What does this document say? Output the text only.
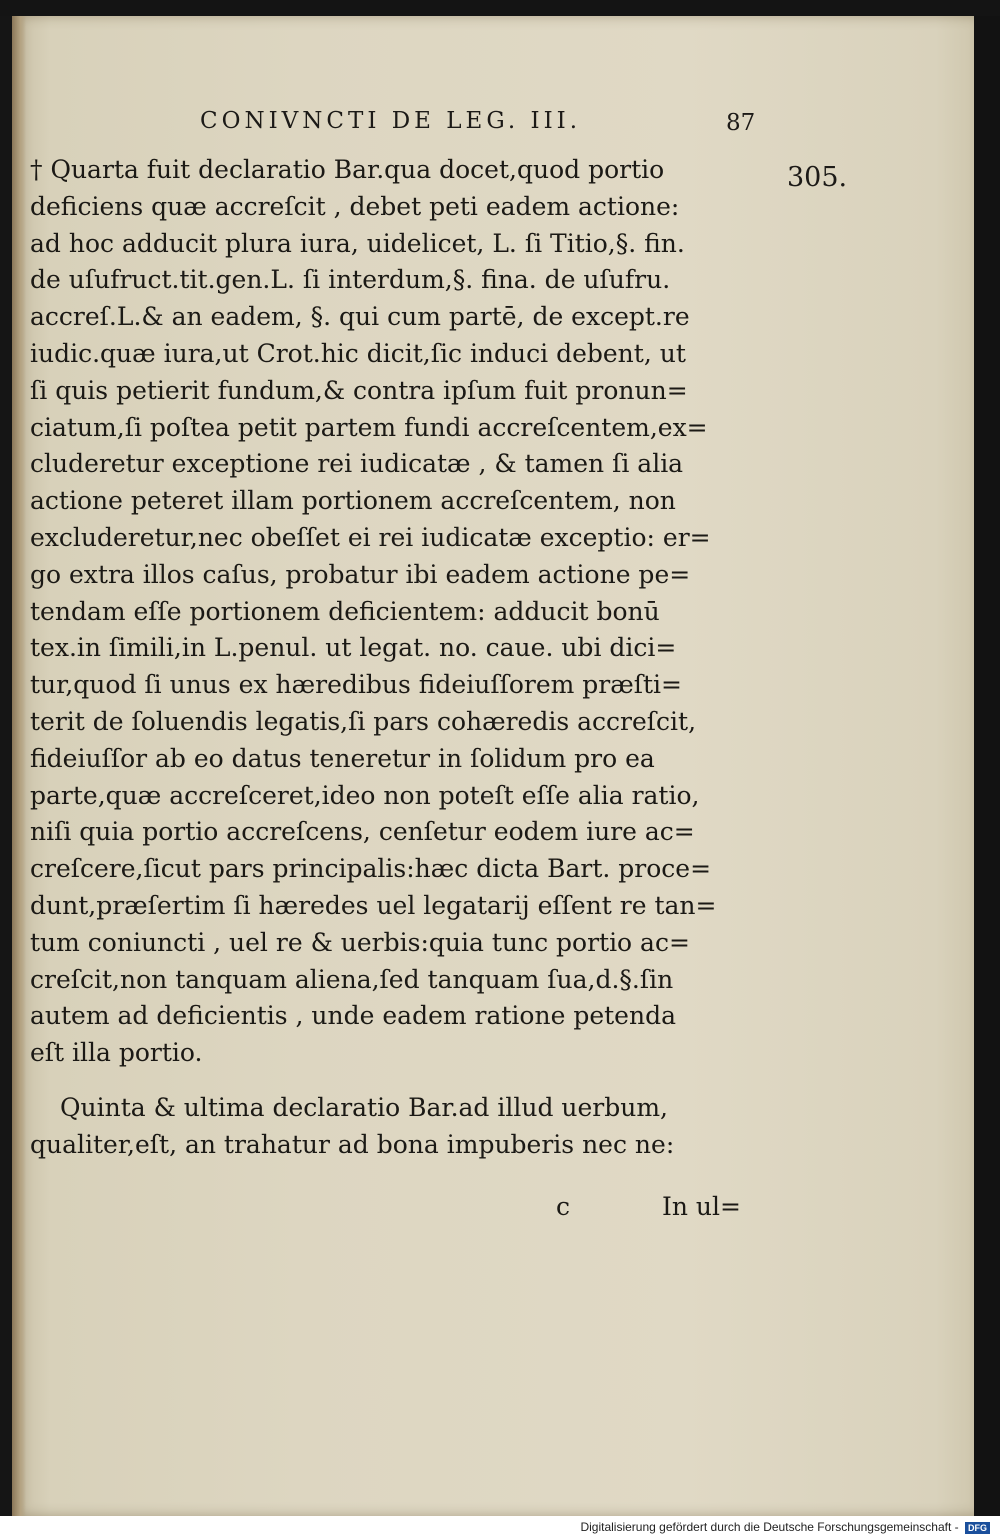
CONIVNCTI DE LEG. III.	87
305.
† Quarta fuit declaratio Bar.qua docet,quod portio
deficiens quæ accreſcit , debet peti eadem actione:
ad hoc adducit plura iura, uidelicet, L. ſi Titio,§. fin.
de uſufruct.tit.gen.L. ſi interdum,§. fina. de uſufru.
accreſ.L.& an eadem, §. qui cum partē, de except.re
iudic.quæ iura,ut Crot.hic dicit,ſic induci debent, ut
ſi quis petierit fundum,& contra ipſum fuit pronun=
ciatum,ſi poſtea petit partem fundi accreſcentem,ex=
cluderetur exceptione rei iudicatæ , & tamen ſi alia
actione peteret illam portionem accreſcentem, non
excluderetur,nec obeſſet ei rei iudicatæ exceptio: er=
go extra illos caſus, probatur ibi eadem actione pe=
tendam eſſe portionem deficientem: adducit bonū
tex.in ſimili,in L.penul. ut legat. no. caue. ubi dici=
tur,quod ſi unus ex hæredibus fideiuſſorem præſti=
terit de ſoluendis legatis,ſi pars cohæredis accreſcit,
fideiuſſor ab eo datus teneretur in ſolidum pro ea
parte,quæ accreſceret,ideo non poteſt eſſe alia ratio,
niſi quia portio accreſcens, cenſetur eodem iure ac=
creſcere,ſicut pars principalis:hæc dicta Bart. proce=
dunt,præſertim ſi hæredes uel legatarij eſſent re tan=
tum coniuncti , uel re & uerbis:quia tunc portio ac=
creſcit,non tanquam aliena,ſed tanquam ſua,d.§.ſin
autem ad deficientis , unde eadem ratione petenda
eſt illa portio.
Quinta & ultima declaratio Bar.ad illud uerbum,
qualiter,eſt, an trahatur ad bona impuberis nec ne:
c	In ul=
Digitalisierung gefördert durch die Deutsche Forschungsgemeinschaft - DFG
